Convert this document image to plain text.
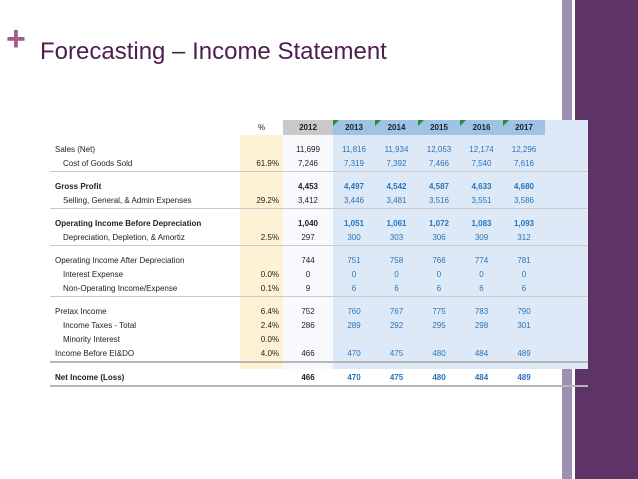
+ Forecasting – Income Statement
	%	2012	2013	2014	2015	2016	2017	

Sales (Net)		11,699	11,816	11,934	12,053	12,174	12,296	
Cost of Goods Sold	61.9%	7,246	7,319	7,392	7,466	7,540	7,616	

Gross Profit		4,453	4,497	4,542	4,587	4,633	4,680	
Selling, General, & Admin Expenses	29.2%	3,412	3,446	3,481	3,516	3,551	3,586	

Operating Income Before Depreciation		1,040	1,051	1,061	1,072	1,083	1,093	
Depreciation, Depletion, & Amortiz	2.5%	297	300	303	306	309	312	

Operating Income After Depreciation		744	751	758	766	774	781	
Interest Expense	0.0%	0	0	0	0	0	0	
Non-Operating Income/Expense	0.1%	9	6	6	6	6	6	

Pretax Income	6.4%	752	760	767	775	783	790	
Income Taxes - Total	2.4%	286	289	292	295	298	301	
Minority Interest	0.0%							
Income Before EI&DO	4.0%	466	470	475	480	484	489	

Net Income (Loss)		466	470	475	480	484	489	
